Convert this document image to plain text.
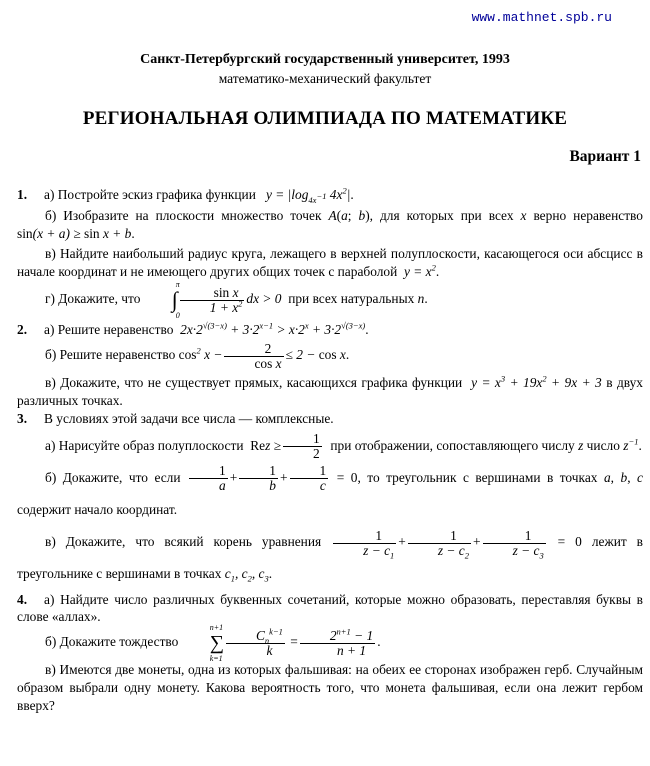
www.mathnet.spb.ru
Санкт-Петербургский государственный университет, 1993
математико-механический факультет
РЕГИОНАЛЬНАЯ ОЛИМПИАДА ПО МАТЕМАТИКЕ
Вариант 1
1. а) Постройте эскиз графика функции   $y = |\log_{4x^{-1}}$ $4x^2|$.
б) Изобразите на плоскости множество точек A(a; b), для которых при всех x верно неравенство sin(x + a) ≥ sin x + b.
в) Найдите наибольший радиус круга, лежащего в верхней полуплоскости, касающегося оси абсцисс в начале координат и не имеющего других общих точек с параболой  $y = x^2$.
г) Докажите, что ∫
π
0
$\frac{\text{sin x}}{1 + x^2}$ dx > 0 при всех натуральных n.
2. а) Решите неравенство  $2x\cdot 2^{√(3-x)} + 3\cdot 2^{x-1} > x\cdot 2^x + 3\cdot 2^{√(3-x)}$.
б) Решите неравенство $\cos^2 x - \frac{2}{\text{cos x}} \le 2 - \cos x$.
в) Докажите, что не существует прямых, касающихся графика функции  $y = x^3 + 19x^2 + 9x + 3$ в двух различных точках.
3. В условиях этой задачи все числа — комплексные.
а) Нарисуйте образ полуплоскости Rez ≥ $\frac{1}{2}$ при отображении, сопоставляющего числу z число $z^{-1}$.
б) Докажите, что если $\frac{1}{a} + \frac{1}{b} + \frac{1}{c} = 0$, то треугольник с вершинами в точках a, b, c содержит начало координат.
в) Докажите, что всякий корень уравнения $\frac{1}{z - c_1} + \frac{1}{z - c_2} + \frac{1}{z - c_3} = 0$ лежит в треугольнике с вершинами в точках $c_1$, $c_2$, $c_3$.
4. а) Найдите число различных буквенных сочетаний, которые можно образовать, переставляя буквы в слове «аллах».
б) Докажите тождество ∑
n+1
k=1
$\frac{C_n^{k-1}}{k} = \frac{2^{n+1} - 1}{n + 1}$ .
в) Имеются две монеты, одна из которых фальшивая: на обеих ее сторонах изображен герб. Случайным образом выбрали одну монету. Какова вероятность того, что монета фальшивая, если она лежит гербом вверх?
